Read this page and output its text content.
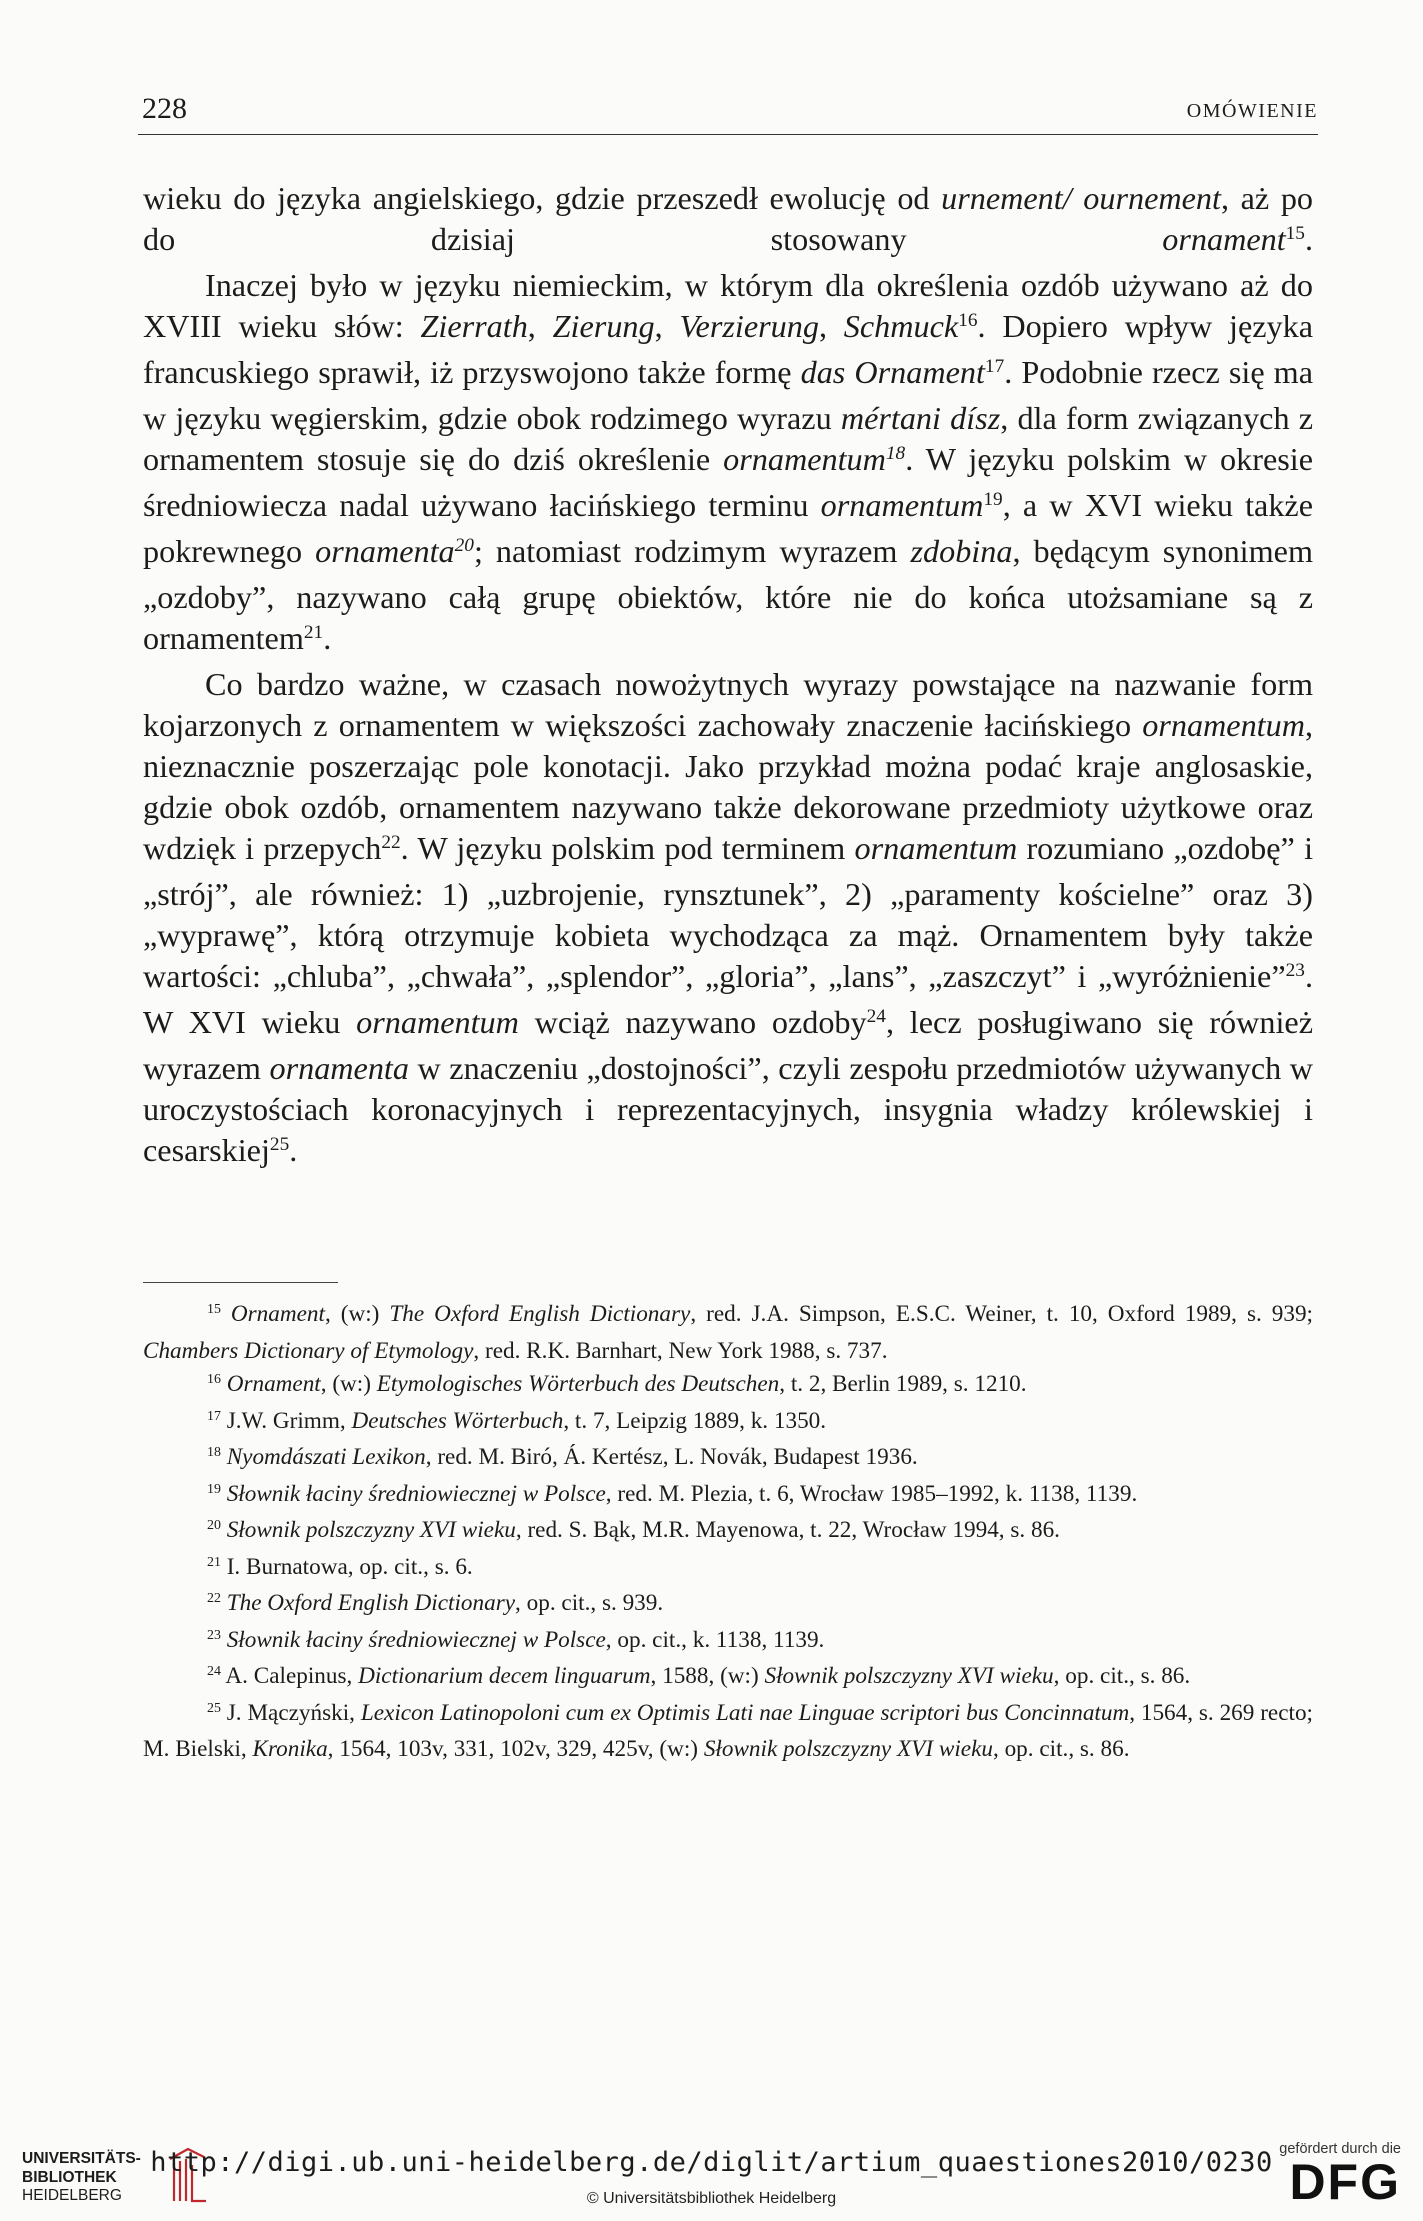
228	OMÓWIENIE

wieku do języka angielskiego, gdzie przeszedł ewolucję od urnement/ ournement, aż po do dzisiaj stosowany ornament$^{15}$.

Inaczej było w języku niemieckim, w którym dla określenia ozdób używano aż do XVIII wieku słów: Zierrath, Zierung, Verzierung, Schmuck$^{16}$. Dopiero wpływ języka francuskiego sprawił, iż przyswojono także formę das Ornament$^{17}$. Podobnie rzecz się ma w języku węgierskim, gdzie obok rodzimego wyrazu mértani dísz, dla form związanych z ornamentem stosuje się do dziś określenie ornamentum$^{18}$. W języku polskim w okresie średniowiecza nadal używano łacińskiego terminu ornamentum$^{19}$, a w XVI wieku także pokrewnego ornamenta$^{20}$; natomiast rodzimym wyrazem zdobina, będącym synonimem „ozdoby”, nazywano całą grupę obiektów, które nie do końca utożsamiane są z ornamentem$^{21}$.

Co bardzo ważne, w czasach nowożytnych wyrazy powstające na nazwanie form kojarzonych z ornamentem w większości zachowały znaczenie łacińskiego ornamentum, nieznacznie poszerzając pole konotacji. Jako przykład można podać kraje anglosaskie, gdzie obok ozdób, ornamentem nazywano także dekorowane przedmioty użytkowe oraz wdzięk i przepych$^{22}$. W języku polskim pod terminem ornamentum rozumiano „ozdobę” i „strój”, ale również: 1) „uzbrojenie, rynsztunek”, 2) „paramenty kościelne” oraz 3) „wyprawę”, którą otrzymuje kobieta wychodząca za mąż. Ornamentem były także wartości: „chluba”, „chwała”, „splendor”, „gloria”, „lans”, „zaszczyt” i „wyróżnienie”$^{23}$. W XVI wieku ornamentum wciąż nazywano ozdoby$^{24}$, lecz posługiwano się również wyrazem ornamenta w znaczeniu „dostojności”, czyli zespołu przedmiotów używanych w uroczystościach koronacyjnych i reprezentacyjnych, insygnia władzy królewskiej i cesarskiej$^{25}$.

$^{15}$ Ornament, (w:) The Oxford English Dictionary, red. J.A. Simpson, E.S.C. Weiner, t. 10, Oxford 1989, s. 939; Chambers Dictionary of Etymology, red. R.K. Barnhart, New York 1988, s. 737.

$^{16}$ Ornament, (w:) Etymologisches Wörterbuch des Deutschen, t. 2, Berlin 1989, s. 1210.

$^{17}$ J.W. Grimm, Deutsches Wörterbuch, t. 7, Leipzig 1889, k. 1350.

$^{18}$ Nyomdászati Lexikon, red. M. Biró, Á. Kertész, L. Novák, Budapest 1936.

$^{19}$ Słownik łaciny średniowiecznej w Polsce, red. M. Plezia, t. 6, Wrocław 1985–1992, k. 1138, 1139.

$^{20}$ Słownik polszczyzny XVI wieku, red. S. Bąk, M.R. Mayenowa, t. 22, Wrocław 1994, s. 86.

$^{21}$ I. Burnatowa, op. cit., s. 6.

$^{22}$ The Oxford English Dictionary, op. cit., s. 939.

$^{23}$ Słownik łaciny średniowiecznej w Polsce, op. cit., k. 1138, 1139.

$^{24}$ A. Calepinus, Dictionarium decem linguarum, 1588, (w:) Słownik polszczyzny XVI wieku, op. cit., s. 86.

$^{25}$ J. Mączyński, Lexicon Latinopoloni cum ex Optimis Lati nae Linguae scriptori bus Concinnatum, 1564, s. 269 recto; M. Bielski, Kronika, 1564, 103v, 331, 102v, 329, 425v, (w:) Słownik polszczyzny XVI wieku, op. cit., s. 86.

UNIVERSITÄTS-
BIBLIOTHEK
HEIDELBERG
http://digi.ub.uni-heidelberg.de/diglit/artium_quaestiones2010/0230
© Universitätsbibliothek Heidelberg
gefördert durch die
DFG
